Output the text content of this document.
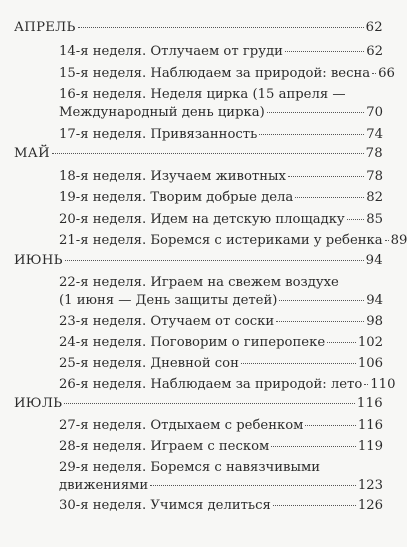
АПРЕЛЬ	62
14-я неделя. Отлучаем от груди	62
15-я неделя. Наблюдаем за природой: весна 66
16-я неделя. Неделя цирка (15 апреля —
Международный день цирка)	70
17-я неделя. Привязанность	74
МАЙ	78
18-я неделя. Изучаем животных	78
19-я неделя. Творим добрые дела	82
20-я неделя. Идем на детскую площадку 85
21-я неделя. Боремся с истериками у ребенка 89
ИЮНЬ	94
22-я неделя. Играем на свежем воздухе
(1 июня — День защиты детей)	94
23-я неделя. Отучаем от соски	98
24-я неделя. Поговорим о гиперопеке 102
25-я неделя. Дневной сон	106
26-я неделя. Наблюдаем за природой: лето 110
ИЮЛЬ	116
27-я неделя. Отдыхаем с ребенком	116
28-я неделя. Играем с песком	119
29-я неделя. Боремся с навязчивыми
движениями	123
30-я неделя. Учимся делиться	126
